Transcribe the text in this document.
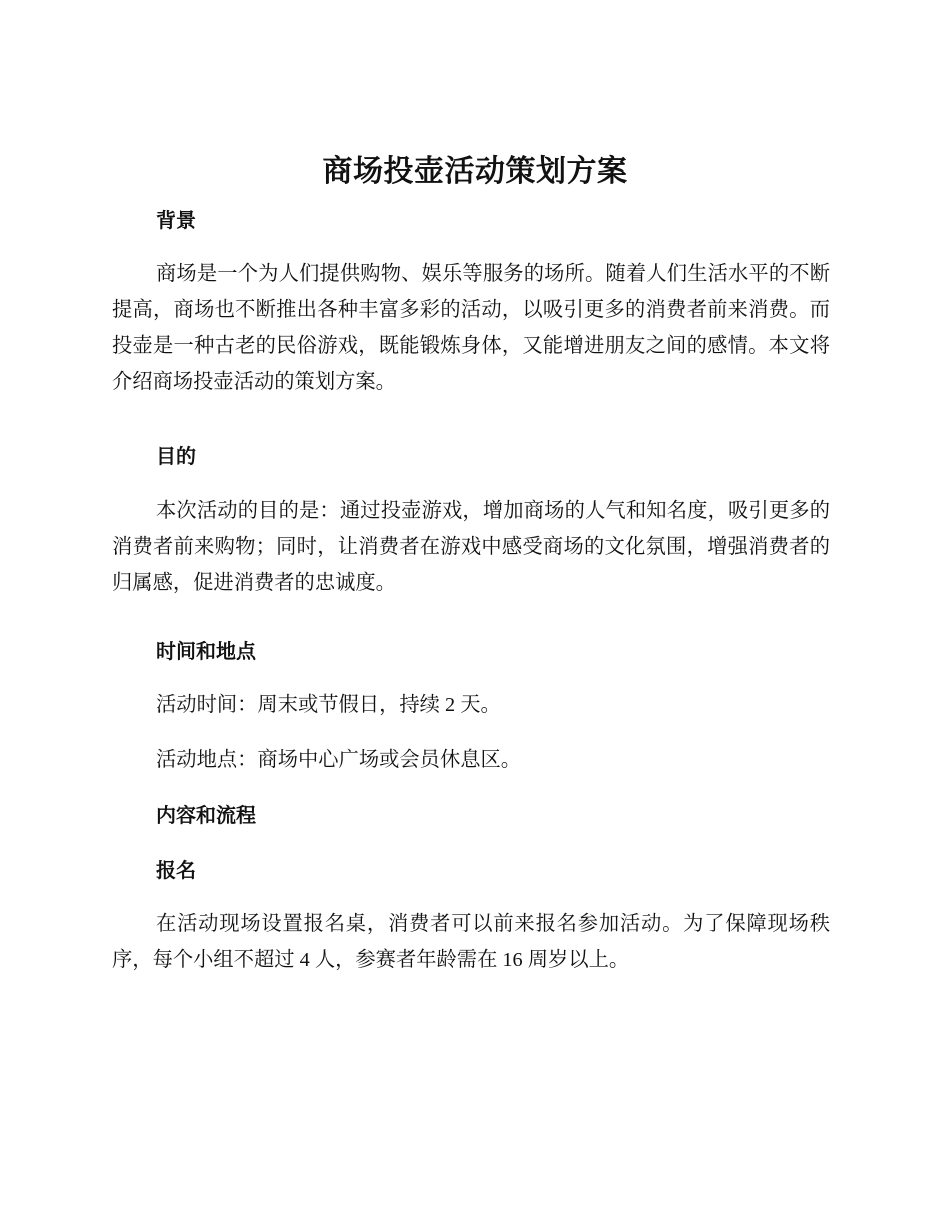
商场投壶活动策划方案
背景
商场是一个为人们提供购物、娱乐等服务的场所。随着人们生活水平的不断提高，商场也不断推出各种丰富多彩的活动，以吸引更多的消费者前来消费。而投壶是一种古老的民俗游戏，既能锻炼身体，又能增进朋友之间的感情。本文将介绍商场投壶活动的策划方案。
目的
本次活动的目的是：通过投壶游戏，增加商场的人气和知名度，吸引更多的消费者前来购物；同时，让消费者在游戏中感受商场的文化氛围，增强消费者的归属感，促进消费者的忠诚度。
时间和地点
活动时间：周末或节假日，持续 2 天。
活动地点：商场中心广场或会员休息区。
内容和流程
报名
在活动现场设置报名桌，消费者可以前来报名参加活动。为了保障现场秩序，每个小组不超过 4 人，参赛者年龄需在 16 周岁以上。
